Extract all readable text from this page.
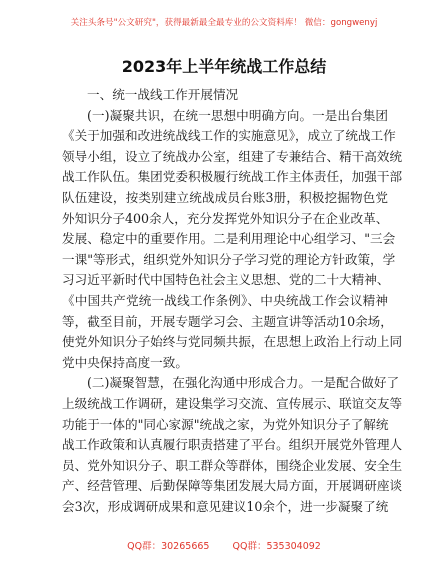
关注头条号"公文研究"，获得最新最全最专业的公文资料库！ 微信：gongwenyj
2023年上半年统战工作总结

一、统一战线工作开展情况

(一)凝聚共识，在统一思想中明确方向。一是出台集团
《关于加强和改进统战线工作的实施意见》，成立了统战工作
领导小组，设立了统战办公室，组建了专兼结合、精干高效统
战工作队伍。集团党委积极履行统战工作主体责任，加强干部
队伍建设，按类别建立统战成员台账3册，积极挖掘物色党
外知识分子400余人，充分发挥党外知识分子在企业改革、
发展、稳定中的重要作用。二是利用理论中心组学习、"三会
一课"等形式，组织党外知识分子学习党的理论方针政策，学
习习近平新时代中国特色社会主义思想、党的二十大精神、
《中国共产党统一战线工作条例》、中央统战工作会议精神
等，截至目前，开展专题学习会、主题宣讲等活动10余场，
使党外知识分子始终与党同频共振，在思想上政治上行动上同
党中央保持高度一致。
(二)凝聚智慧，在强化沟通中形成合力。一是配合做好了
上级统战工作调研，建设集学习交流、宣传展示、联谊交友等
功能于一体的"同心家源"统战之家，为党外知识分子了解统
战工作政策和认真履行职责搭建了平台。组织开展党外管理人
员、党外知识分子、职工群众等群体，围绕企业发展、安全生
产、经营管理、后勤保障等集团发展大局方面，开展调研座谈
会3次，形成调研成果和意见建议10余个，进一步凝聚了统
QQ群：30265665 QQ群：535304092
